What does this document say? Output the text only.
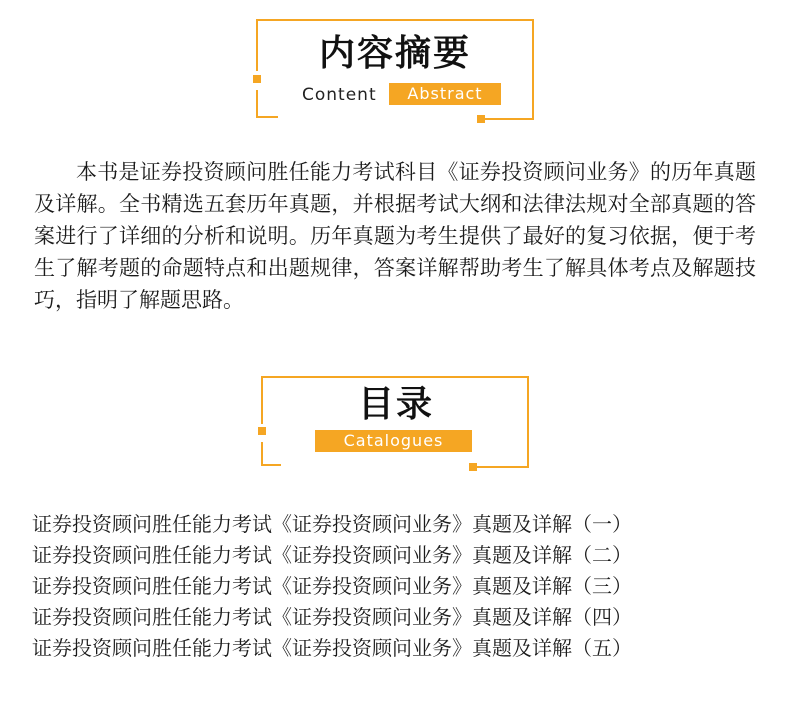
内容摘要
Content	Abstract

本书是证券投资顾问胜任能力考试科目《证券投资顾问业务》的历年真题及详解。全书精选五套历年真题，并根据考试大纲和法律法规对全部真题的答案进行了详细的分析和说明。历年真题为考生提供了最好的复习依据，便于考生了解考题的命题特点和出题规律，答案详解帮助考生了解具体考点及解题技巧，指明了解题思路。

目录
Catalogues
证券投资顾问胜任能力考试《证券投资顾问业务》真题及详解（一）
证券投资顾问胜任能力考试《证券投资顾问业务》真题及详解（二）
证券投资顾问胜任能力考试《证券投资顾问业务》真题及详解（三）
证券投资顾问胜任能力考试《证券投资顾问业务》真题及详解（四）
证券投资顾问胜任能力考试《证券投资顾问业务》真题及详解（五）
